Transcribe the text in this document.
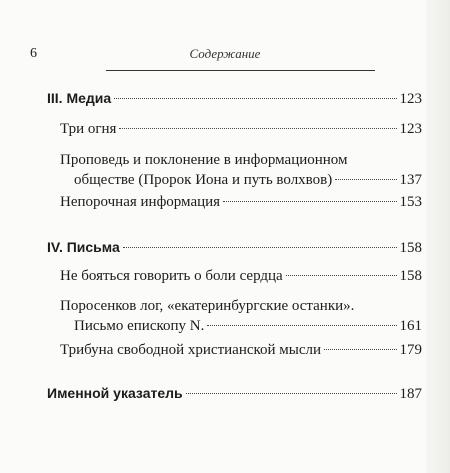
6	Содержание
III. Медиа	123
Три огня	123
Проповедь и поклонение в информационном
обществе (Пророк Иона и путь волхвов)	137
Непорочная информация	153
IV. Письма	158
Не бояться говорить о боли сердца	158
Поросенков лог, «екатеринбургские останки».
Письмо епископу N.	161
Трибуна свободной христианской мысли	179
Именной указатель	187
